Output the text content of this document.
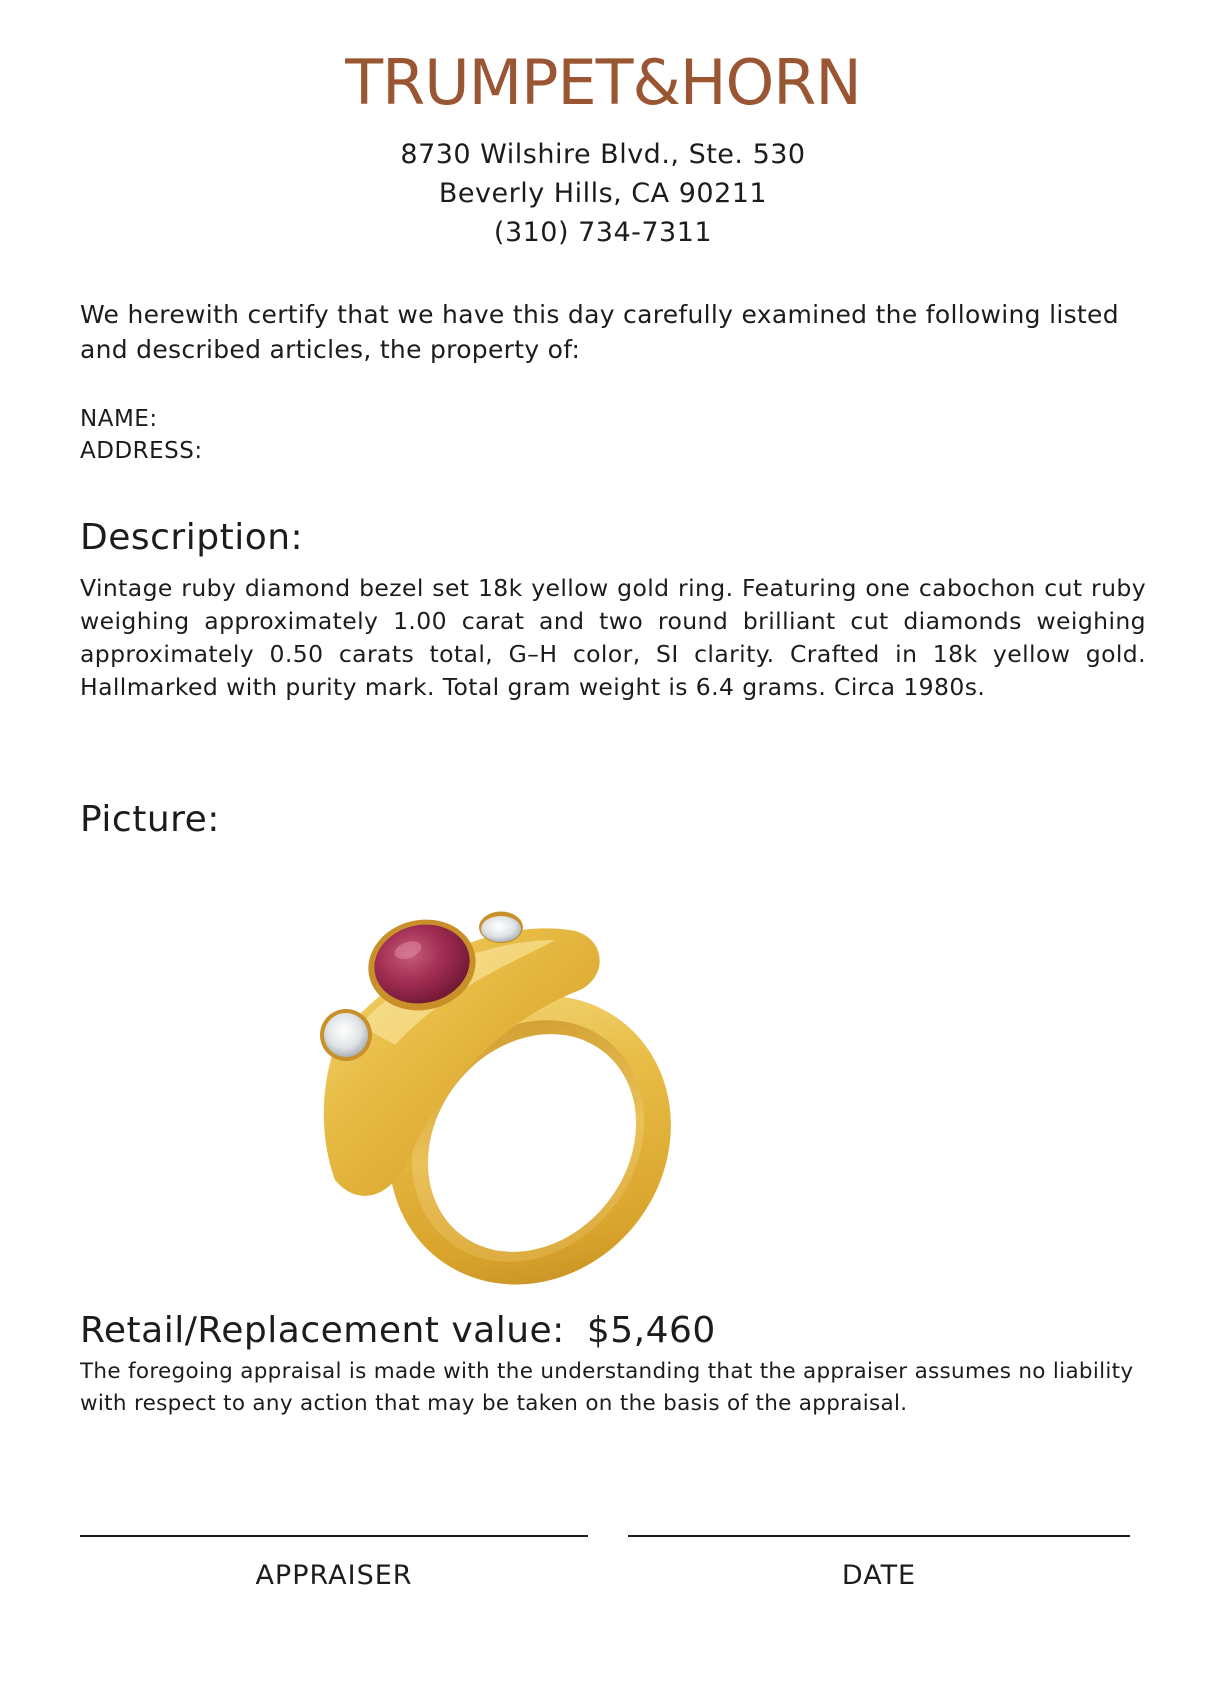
TRUMPET&HORN
8730 Wilshire Blvd., Ste. 530
Beverly Hills, CA 90211
(310) 734-7311
We herewith certify that we have this day carefully examined the following listed and described articles, the property of:
NAME:
ADDRESS:
Description:
Vintage ruby diamond bezel set 18k yellow gold ring. Featuring one cabochon cut ruby weighing approximately 1.00 carat and two round brilliant cut diamonds weighing approximately 0.50 carats total, G–H color, SI clarity. Crafted in 18k yellow gold. Hallmarked with purity mark. Total gram weight is 6.4 grams. Circa 1980s.
Picture:
Retail/Replacement value: $5,460
The foregoing appraisal is made with the understanding that the appraiser assumes no liability with respect to any action that may be taken on the basis of the appraisal.
APPRAISER	DATE
